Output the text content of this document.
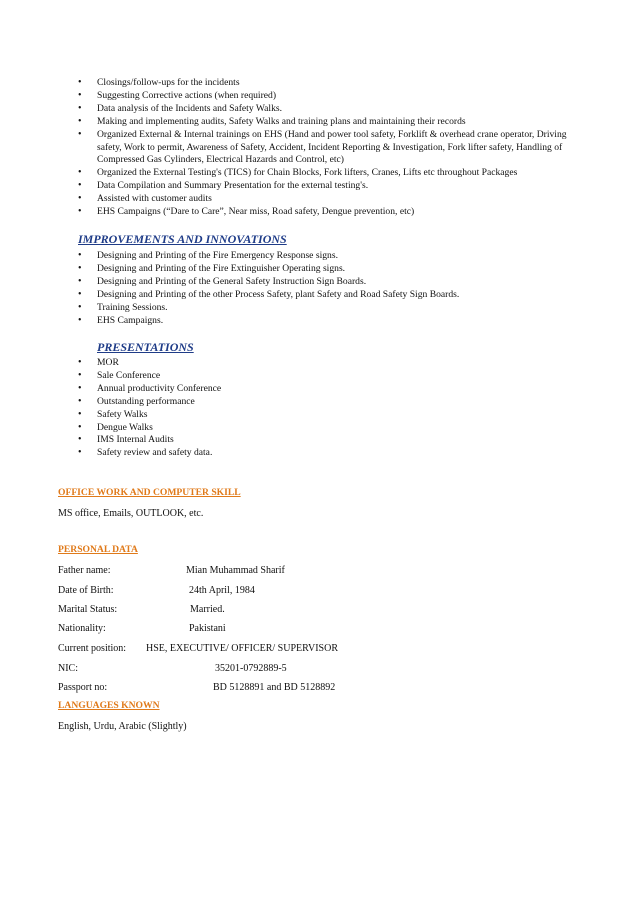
• Closings/follow-ups for the incidents
• Suggesting Corrective actions (when required)
• Data analysis of the Incidents and Safety Walks.
• Making and implementing audits, Safety Walks and training plans and maintaining their records
• Organized External & Internal trainings on EHS (Hand and power tool safety, Forklift & overhead crane operator, Driving safety, Work to permit, Awareness of Safety, Accident, Incident Reporting & Investigation, Fork lifter safety, Handling of Compressed Gas Cylinders, Electrical Hazards and Control, etc)
• Organized the External Testing's (TICS) for Chain Blocks, Fork lifters, Cranes, Lifts etc throughout Packages
• Data Compilation and Summary Presentation for the external testing's.
• Assisted with customer audits
• EHS Campaigns (“Dare to Care”, Near miss, Road safety, Dengue prevention, etc)
IMPROVEMENTS AND INNOVATIONS
• Designing and Printing of the Fire Emergency Response signs.
• Designing and Printing of the Fire Extinguisher Operating signs.
• Designing and Printing of the General Safety Instruction Sign Boards.
• Designing and Printing of the other Process Safety, plant Safety and Road Safety Sign Boards.
• Training Sessions.
• EHS Campaigns.
PRESENTATIONS
• MOR
• Sale Conference
• Annual productivity Conference
• Outstanding performance
• Safety Walks
• Dengue Walks
• IMS Internal Audits
• Safety review and safety data.
OFFICE WORK AND COMPUTER SKILL
MS office, Emails, OUTLOOK, etc.
PERSONAL DATA
Father name:	Mian Muhammad Sharif
Date of Birth:	24th April, 1984
Marital Status:	Married.
Nationality:	Pakistani
Current position: HSE, EXECUTIVE/ OFFICER/ SUPERVISOR
NIC:	35201-0792889-5
Passport no:	BD 5128891 and BD 5128892
LANGUAGES KNOWN
English, Urdu, Arabic (Slightly)
